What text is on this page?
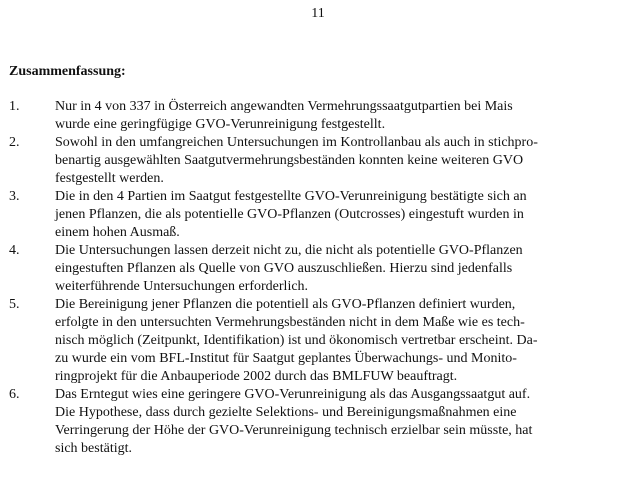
11
Zusammenfassung:
1.	Nur in 4 von 337 in Österreich angewandten Vermehrungssaatgutpartien bei Mais
wurde eine geringfügige GVO-Verunreinigung festgestellt.
2.	Sowohl in den umfangreichen Untersuchungen im Kontrollanbau als auch in stichpro-
benartig ausgewählten Saatgutvermehrungsbeständen konnten keine weiteren GVO
festgestellt werden.
3.	Die in den 4 Partien im Saatgut festgestellte GVO-Verunreinigung bestätigte sich an
jenen Pflanzen, die als potentielle GVO-Pflanzen (Outcrosses) eingestuft wurden in
einem hohen Ausmaß.
4.	Die Untersuchungen lassen derzeit nicht zu, die nicht als potentielle GVO-Pflanzen
eingestuften Pflanzen als Quelle von GVO auszuschließen. Hierzu sind jedenfalls
weiterführende Untersuchungen erforderlich.
5.	Die Bereinigung jener Pflanzen die potentiell als GVO-Pflanzen definiert wurden,
erfolgte in den untersuchten Vermehrungsbeständen nicht in dem Maße wie es tech-
nisch möglich (Zeitpunkt, Identifikation) ist und ökonomisch vertretbar erscheint. Da-
zu wurde ein vom BFL-Institut für Saatgut geplantes Überwachungs- und Monito-
ringprojekt für die Anbauperiode 2002 durch das BMLFUW beauftragt.
6.	Das Erntegut wies eine geringere GVO-Verunreinigung als das Ausgangssaatgut auf.
Die Hypothese, dass durch gezielte Selektions- und Bereinigungsmaßnahmen eine
Verringerung der Höhe der GVO-Verunreinigung technisch erzielbar sein müsste, hat
sich bestätigt.
